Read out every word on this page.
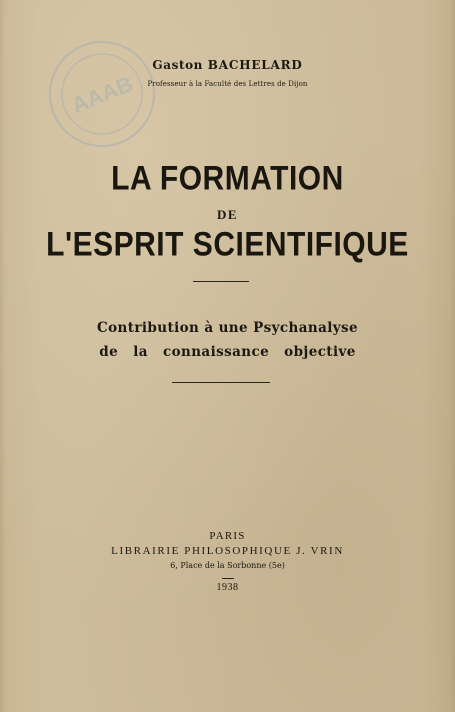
AAAB
Gaston BACHELARD
Professeur à la Faculté des Lettres de Dijon
LA FORMATION
DE
L'ESPRIT SCIENTIFIQUE
Contribution à une Psychanalyse
de la connaissance objective
PARIS
LIBRAIRIE PHILOSOPHIQUE J. VRIN
6, Place de la Sorbonne (5e)
1938
